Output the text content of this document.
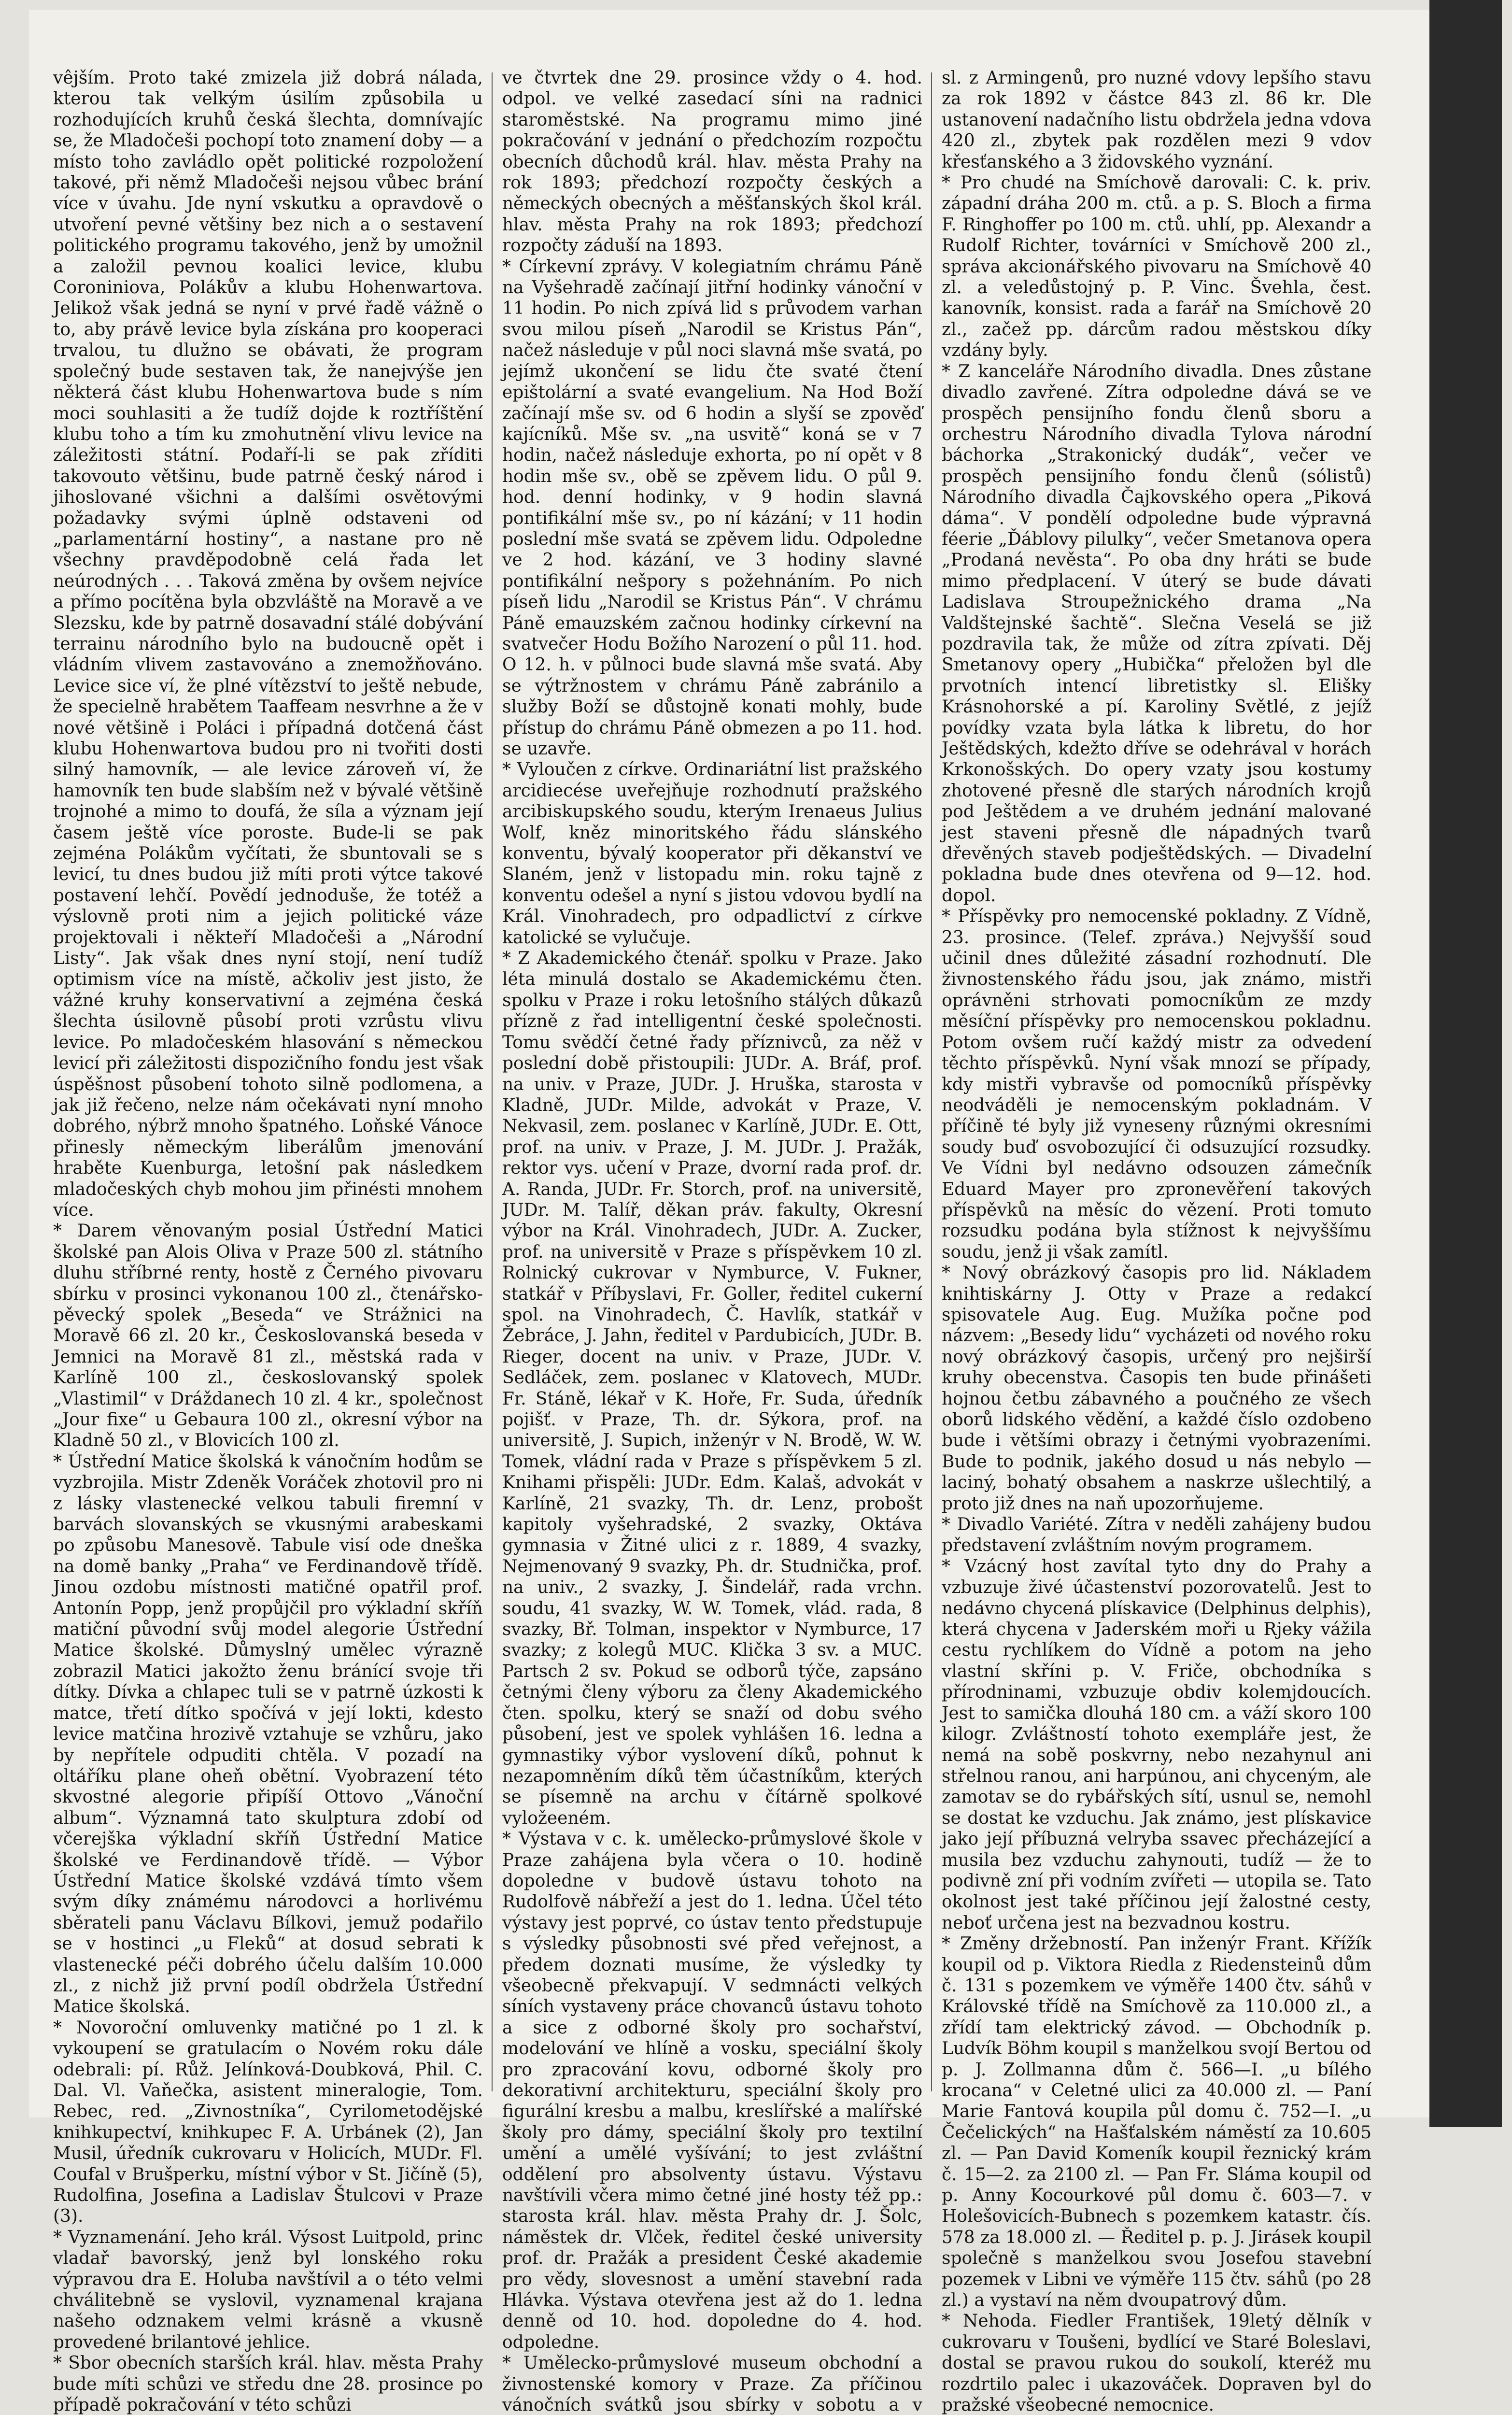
vêjším. Proto také zmizela již dobrá nálada, kterou tak velkým úsilím způsobila u rozhodujících kruhů česká šlechta, domnívajíc se, že Mladočeši pochopí toto znamení doby — a místo toho zavládlo opět politické rozpoložení takové, při němž Mladočeši nejsou vůbec brání více v úvahu. Jde nyní vskutku a opravdově o utvoření pevné většiny bez nich a o sestavení politického programu takového, jenž by umožnil a založil pevnou koalici levice, klubu Coroniniova, Polákův a klubu Hohenwartova. Jelikož však jedná se nyní v prvé řadě vážně o to, aby právě levice byla získána pro kooperaci trvalou, tu dlužno se obávati, že program společný bude sestaven tak, že nanejvýše jen některá část klubu Hohenwartova bude s ním moci souhlasiti a že tudíž dojde k roztříštění klubu toho a tím ku zmohutnění vlivu levice na záležitosti státní. Podaří-li se pak zříditi takovouto většinu, bude patrně český národ i jihoslované všichni a dalšími osvětovými požadavky svými úplně odstaveni od „parlamentární hostiny“, a nastane pro ně všechny pravděpodobně celá řada let neúrodných . . . Taková změna by ovšem nejvíce a přímo pocítěna byla obzvláště na Moravě a ve Slezsku, kde by patrně dosavadní stálé dobývání terrainu národního bylo na budoucně opět i vládním vlivem zastavováno a znemožňováno. Levice sice ví, že plné vítězství to ještě nebude, že specielně hrabětem Taaffeam nesvrhne a že v nové většině i Poláci i případná dotčená část klubu Hohenwartova budou pro ni tvořiti dosti silný hamovník, — ale levice zároveň ví, že hamovník ten bude slabším než v bývalé většině trojnohé a mimo to doufá, že síla a význam její časem ještě více poroste. Bude-li se pak zejména Polákům vyčítati, že sbuntovali se s levicí, tu dnes budou již míti proti výtce takové postavení lehčí. Povědí jednoduše, že totéž a výslovně proti nim a jejich politické váze projektovali i někteří Mladočeši a „Národní Listy“. Jak však dnes nyní stojí, není tudíž optimism více na místě, ačkoliv jest jisto, že vážné kruhy konservativní a zejména česká šlechta úsilovně působí proti vzrůstu vlivu levice. Po mladočeském hlasování s německou levicí při záležitosti dispozičního fondu jest však úspěšnost působení tohoto silně podlomena, a jak již řečeno, nelze nám očekávati nyní mnoho dobrého, nýbrž mnoho špatného. Loňské Vánoce přinesly německým liberálům jmenování hraběte Kuenburga, letošní pak následkem mladočeských chyb mohou jim přinésti mnohem více.

* Darem věnovaným posial Ústřední Matici školské pan Alois Oliva v Praze 500 zl. státního dluhu stříbrné renty, hostě z Černého pivovaru sbírku v prosinci vykonanou 100 zl., čtenářsko-pěvecký spolek „Beseda“ ve Strážnici na Moravě 66 zl. 20 kr., Českoslovanská beseda v Jemnici na Moravě 81 zl., městská rada v Karlíně 100 zl., českoslovanský spolek „Vlastimil“ v Dráždanech 10 zl. 4 kr., společnost „Jour fixe“ u Gebaura 100 zl., okresní výbor na Kladně 50 zl., v Blovicích 100 zl.

* Ústřední Matice školská k vánočním hodům se vyzbrojila. Mistr Zdeněk Voráček zhotovil pro ni z lásky vlastenecké velkou tabuli firemní v barvách slovanských se vkusnými arabeskami po způsobu Manesově. Tabule visí ode dneška na domě banky „Praha“ ve Ferdinandově třídě. Jinou ozdobu místnosti matičné opatřil prof. Antonín Popp, jenž propůjčil pro výkladní skříň matiční původní svůj model alegorie Ústřední Matice školské. Důmyslný umělec výrazně zobrazil Matici jakožto ženu bránící svoje tři dítky. Dívka a chlapec tuli se v patrně úzkosti k matce, třetí dítko spočívá v její lokti, kdesto levice matčina hrozivě vztahuje se vzhůru, jako by nepřítele odpuditi chtěla. V pozadí na oltáříku plane oheň obětní. Vyobrazení této skvostné alegorie připíší Ottovo „Vánoční album“. Významná tato skulptura zdobí od včerejška výkladní skříň Ústřední Matice školské ve Ferdinandově třídě. — Výbor Ústřední Matice školské vzdává tímto všem svým díky známému národovci a horlivému sběrateli panu Václavu Bílkovi, jemuž podařilo se v hostinci „u Fleků“ at dosud sebrati k vlastenecké péči dobrého účelu dalším 10.000 zl., z nichž již první podíl obdržela Ústřední Matice školská.

* Novoroční omluvenky matičné po 1 zl. k vykoupení se gratulacím o Novém roku dále odebrali: pí. Růž. Jelínková-Doubková, Phil. C. Dal. Vl. Vaňečka, asistent mineralogie, Tom. Rebec, red. „Zivnostníka“, Cyrilometodějské knihkupectví, knihkupec F. A. Urbánek (2), Jan Musil, úředník cukrovaru v Holicích, MUDr. Fl. Coufal v Brušperku, místní výbor v St. Jičíně (5), Rudolfina, Josefina a Ladislav Štulcovi v Praze (3).

* Vyznamenání. Jeho král. Výsost Luitpold, princ vladař bavorský, jenž byl lonského roku výpravou dra E. Holuba navštívil a o této velmi chválitebně se vyslovil, vyznamenal krajana našeho odznakem velmi krásně a vkusně provedené brilantové jehlice.

* Sbor obecních starších král. hlav. města Prahy bude míti schůzi ve středu dne 28. prosince po případě pokračování v této schůzi

ve čtvrtek dne 29. prosince vždy o 4. hod. odpol. ve velké zasedací síni na radnici staroměstské. Na programu mimo jiné pokračování v jednání o předchozím rozpočtu obecních důchodů král. hlav. města Prahy na rok 1893; předchozí rozpočty českých a německých obecných a měšťanských škol král. hlav. města Prahy na rok 1893; předchozí rozpočty záduší na 1893.

* Církevní zprávy. V kolegiatním chrámu Páně na Vyšehradě začínají jitřní hodinky vánoční v 11 hodin. Po nich zpívá lid s průvodem varhan svou milou píseň „Narodil se Kristus Pán“, načež následuje v půl noci slavná mše svatá, po jejímž ukončení se lidu čte svaté čtení epištolární a svaté evangelium. Na Hod Boží začínají mše sv. od 6 hodin a slyší se zpověď kajícníků. Mše sv. „na usvitě“ koná se v 7 hodin, načež následuje exhorta, po ní opět v 8 hodin mše sv., obě se zpěvem lidu. O půl 9. hod. denní hodinky, v 9 hodin slavná pontifikální mše sv., po ní kázání; v 11 hodin poslední mše svatá se zpěvem lidu. Odpoledne ve 2 hod. kázání, ve 3 hodiny slavné pontifikální nešpory s požehnáním. Po nich píseň lidu „Narodil se Kristus Pán“. V chrámu Páně emauzském začnou hodinky církevní na svatvečer Hodu Božího Narození o půl 11. hod. O 12. h. v půlnoci bude slavná mše svatá. Aby se výtržnostem v chrámu Páně zabránilo a služby Boží se důstojně konati mohly, bude přístup do chrámu Páně obmezen a po 11. hod. se uzavře.

* Vyloučen z církve. Ordinariátní list pražského arcidiecése uveřejňuje rozhodnutí pražského arcibiskupského soudu, kterým Irenaeus Julius Wolf, kněz minoritského řádu slánského konventu, bývalý kooperator při děkanství ve Slaném, jenž v listopadu min. roku tajně z konventu odešel a nyní s jistou vdovou bydlí na Král. Vinohradech, pro odpadlictví z církve katolické se vylučuje.

* Z Akademického čtenář. spolku v Praze. Jako léta minulá dostalo se Akademickému čten. spolku v Praze i roku letošního stálých důkazů přízně z řad intelligentní české společnosti. Tomu svědčí četné řady příznivců, za něž v poslední době přistoupili: JUDr. A. Bráf, prof. na univ. v Praze, JUDr. J. Hruška, starosta v Kladně, JUDr. Milde, advokát v Praze, V. Nekvasil, zem. poslanec v Karlíně, JUDr. E. Ott, prof. na univ. v Praze, J. M. JUDr. J. Pražák, rektor vys. učení v Praze, dvorní rada prof. dr. A. Randa, JUDr. Fr. Storch, prof. na universitě, JUDr. M. Talíř, děkan práv. fakulty, Okresní výbor na Král. Vinohradech, JUDr. A. Zucker, prof. na universitě v Praze s příspěvkem 10 zl. Rolnický cukrovar v Nymburce, V. Fukner, statkář v Příbyslavi, Fr. Goller, ředitel cukerní spol. na Vinohradech, Č. Havlík, statkář v Žebráce, J. Jahn, ředitel v Pardubicích, JUDr. B. Rieger, docent na univ. v Praze, JUDr. V. Sedláček, zem. poslanec v Klatovech, MUDr. Fr. Stáně, lékař v K. Hoře, Fr. Suda, úředník pojišť. v Praze, Th. dr. Sýkora, prof. na universitě, J. Supich, inženýr v N. Brodě, W. W. Tomek, vládní rada v Praze s příspěvkem 5 zl. Knihami přispěli: JUDr. Edm. Kalaš, advokát v Karlíně, 21 svazky, Th. dr. Lenz, probošt kapitoly vyšehradské, 2 svazky, Oktáva gymnasia v Žitné ulici z r. 1889, 4 svazky, Nejmenovaný 9 svazky, Ph. dr. Studnička, prof. na univ., 2 svazky, J. Šindelář, rada vrchn. soudu, 41 svazky, W. W. Tomek, vlád. rada, 8 svazky, Bř. Tolman, inspektor v Nymburce, 17 svazky; z kolegů MUC. Klička 3 sv. a MUC. Partsch 2 sv. Pokud se odborů týče, zapsáno četnými členy výboru za členy Akademického čten. spolku, který se snaží od dobu svého působení, jest ve spolek vyhlášen 16. ledna a gymnastiky výbor vyslovení díků, pohnut k nezapomněním díků těm účastníkům, kterých se písemně na archu v čítárně spolkové vyložeeném.

* Výstava v c. k. umělecko-průmyslové škole v Praze zahájena byla včera o 10. hodině dopoledne v budově ústavu tohoto na Rudolfově nábřeží a jest do 1. ledna. Účel této výstavy jest poprvé, co ústav tento předstupuje s výsledky působnosti své před veřejnost, a předem doznati musíme, že výsledky ty všeobecně překvapují. V sedmnácti velkých síních vystaveny práce chovanců ústavu tohoto a sice z odborné školy pro sochařství, modelování ve hlíně a vosku, speciální školy pro zpracování kovu, odborné školy pro dekorativní architekturu, speciální školy pro figurální kresbu a malbu, kreslířské a malířské školy pro dámy, speciální školy pro textilní umění a umělé vyšívání; to jest zvláštní oddělení pro absolventy ústavu. Výstavu navštívili včera mimo četné jiné hosty též pp.: starosta král. hlav. města Prahy dr. J. Šolc, náměstek dr. Vlček, ředitel české university prof. dr. Pražák a president České akademie pro vědy, slovesnost a umění stavební rada Hlávka. Výstava otevřena jest až do 1. ledna denně od 10. hod. dopoledne do 4. hod. odpoledne.

* Umělecko-průmyslové museum obchodní a živnostenské komory v Praze. Za příčinou vánočních svátků jsou sbírky v sobotu a v

sl. z Armingenů, pro nuzné vdovy lepšího stavu za rok 1892 v částce 843 zl. 86 kr. Dle ustanovení nadačního listu obdržela jedna vdova 420 zl., zbytek pak rozdělen mezi 9 vdov křesťanského a 3 židovského vyznání.

* Pro chudé na Smíchově darovali: C. k. priv. západní dráha 200 m. ctů. a p. S. Bloch a firma F. Ringhoffer po 100 m. ctů. uhlí, pp. Alexandr a Rudolf Richter, továrníci v Smíchově 200 zl., správa akcionářského pivovaru na Smíchově 40 zl. a veledůstojný p. P. Vinc. Švehla, čest. kanovník, konsist. rada a farář na Smíchově 20 zl., začež pp. dárcům radou městskou díky vzdány byly.

* Z kanceláře Národního divadla. Dnes zůstane divadlo zavřené. Zítra odpoledne dává se ve prospěch pensijního fondu členů sboru a orchestru Národního divadla Tylova národní báchorka „Strakonický dudák“, večer ve prospěch pensijního fondu členů (sólistů) Národního divadla Čajkovského opera „Piková dáma“. V pondělí odpoledne bude výpravná féerie „Ďáblovy pilulky“, večer Smetanova opera „Prodaná nevěsta“. Po oba dny hráti se bude mimo předplacení. V úterý se bude dávati Ladislava Stroupežnického drama „Na Valdštejnské šachtě“. Slečna Veselá se již pozdravila tak, že může od zítra zpívati. Děj Smetanovy opery „Hubička“ přeložen byl dle prvotních intencí libretistky sl. Elišky Krásnohorské a pí. Karoliny Světlé, z jejíž povídky vzata byla látka k libretu, do hor Ještědských, kdežto dříve se odehrával v horách Krkonošských. Do opery vzaty jsou kostumy zhotovené přesně dle starých národních krojů pod Ještědem a ve druhém jednání malované jest staveni přesně dle nápadných tvarů dřevěných staveb podještědských. — Divadelní pokladna bude dnes otevřena od 9—12. hod. dopol.

* Příspěvky pro nemocenské pokladny. Z Vídně, 23. prosince. (Telef. zpráva.) Nejvyšší soud učinil dnes důležité zásadní rozhodnutí. Dle živnostenského řádu jsou, jak známo, mistři oprávněni strhovati pomocníkům ze mzdy měsíční příspěvky pro nemocenskou pokladnu. Potom ovšem ručí každý mistr za odvedení těchto příspěvků. Nyní však mnozí se případy, kdy mistři vybravše od pomocníků příspěvky neodváděli je nemocenským pokladnám. V příčině té byly již vyneseny různými okresními soudy buď osvobozující či odsuzující rozsudky. Ve Vídni byl nedávno odsouzen zámečník Eduard Mayer pro zpronevěření takových příspěvků na měsíc do vězení. Proti tomuto rozsudku podána byla stížnost k nejvyššímu soudu, jenž ji však zamítl.

* Nový obrázkový časopis pro lid. Nákladem knihtiskárny J. Otty v Praze a redakcí spisovatele Aug. Eug. Mužíka počne pod názvem: „Besedy lidu“ vycházeti od nového roku nový obrázkový časopis, určený pro nejširší kruhy obecenstva. Časopis ten bude přinášeti hojnou četbu zábavného a poučného ze všech oborů lidského vědění, a každé číslo ozdobeno bude i většími obrazy i četnými vyobrazeními. Bude to podnik, jakého dosud u nás nebylo — laciný, bohatý obsahem a naskrze ušlechtilý, a proto již dnes na naň upozorňujeme.

* Divadlo Variété. Zítra v neděli zahájeny budou představení zvláštním novým programem.

* Vzácný host zavítal tyto dny do Prahy a vzbuzuje živé účastenství pozorovatelů. Jest to nedávno chycená plískavice (Delphinus delphis), která chycena v Jaderském moři u Rjeky vážila cestu rychlíkem do Vídně a potom na jeho vlastní skříni p. V. Friče, obchodníka s přírodninami, vzbuzuje obdiv kolemjdoucích. Jest to samička dlouhá 180 cm. a váží skoro 100 kilogr. Zvláštností tohoto exempláře jest, že nemá na sobě poskvrny, nebo nezahynul ani střelnou ranou, ani harpúnou, ani chyceným, ale zamotav se do rybářských sítí, usnul se, nemohl se dostat ke vzduchu. Jak známo, jest plískavice jako její příbuzná velryba ssavec přecházející a musila bez vzduchu zahynouti, tudíž — že to podivně zní při vodním zvířeti — utopila se. Tato okolnost jest také příčinou její žalostné cesty, neboť určena jest na bezvadnou kostru.

* Změny držebností. Pan inženýr Frant. Křížík koupil od p. Viktora Riedla z Riedensteinů dům č. 131 s pozemkem ve výměře 1400 čtv. sáhů v Královské třídě na Smíchově za 110.000 zl., a zřídí tam elektrický závod. — Obchodník p. Ludvík Böhm koupil s manželkou svojí Bertou od p. J. Zollmanna dům č. 566—I. „u bílého krocana“ v Celetné ulici za 40.000 zl. — Paní Marie Fantová koupila půl domu č. 752—I. „u Čečelických“ na Hašťalském náměstí za 10.605 zl. — Pan David Komeník koupil řeznický krám č. 15—2. za 2100 zl. — Pan Fr. Sláma koupil od p. Anny Kocourkové půl domu č. 603—7. v Holešovicích-Bubnech s pozemkem katastr. čís. 578 za 18.000 zl. — Ředitel p. p. J. Jirásek koupil společně s manželkou svou Josefou stavební pozemek v Libni ve výměře 115 čtv. sáhů (po 28 zl.) a vystaví na něm dvoupatrový dům.

* Nehoda. Fiedler František, 19letý dělník v cukrovaru v Toušeni, bydlící ve Staré Boleslavi, dostal se pravou rukou do soukolí, kteréž mu rozdrtilo palec i ukazováček. Dopraven byl do pražské všeobecné nemocnice.
